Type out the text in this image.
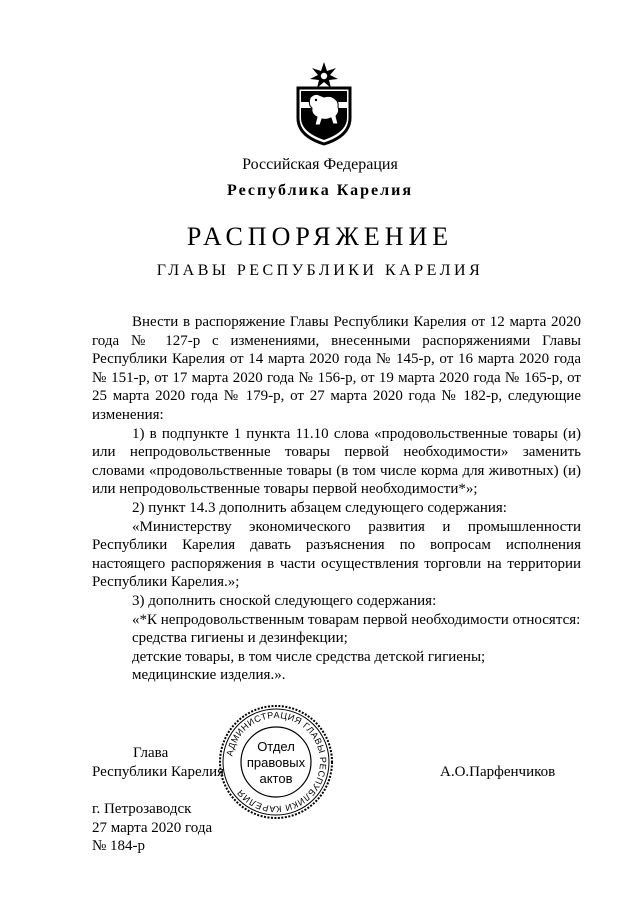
Российская Федерация
Республика Карелия
РАСПОРЯЖЕНИЕ
ГЛАВЫ РЕСПУБЛИКИ КАРЕЛИЯ

Внести в распоряжение Главы Республики Карелия от 12 марта 2020 года № 127-р с изменениями, внесенными распоряжениями Главы Республики Карелия от 14 марта 2020 года № 145-р, от 16 марта 2020 года № 151-р, от 17 марта 2020 года № 156-р, от 19 марта 2020 года № 165-р, от 25 марта 2020 года № 179-р, от 27 марта 2020 года № 182-р, следующие изменения:

1) в подпункте 1 пункта 11.10 слова «продовольственные товары (и) или непродовольственные товары первой необходимости» заменить словами «продовольственные товары (в том числе корма для животных) (и) или непродовольственные товары первой необходимости*»;

2) пункт 14.3 дополнить абзацем следующего содержания:

«Министерству экономического развития и промышленности Республики Карелия давать разъяснения по вопросам исполнения настоящего распоряжения в части осуществления торговли на территории Республики Карелия.»;

3) дополнить сноской следующего содержания:

«*К непродовольственным товарам первой необходимости относятся:

средства гигиены и дезинфекции;

детские товары, в том числе средства детской гигиены;

медицинские изделия.».

АДМИНИСТРАЦИЯ ГЛАВЫ РЕСПУБЛИКИ КАРЕЛИЯ
Отдел
правовых
актов
Глава
Республики Карелия	А.О.Парфенчиков
г. Петрозаводск
27 марта 2020 года
№ 184-р
